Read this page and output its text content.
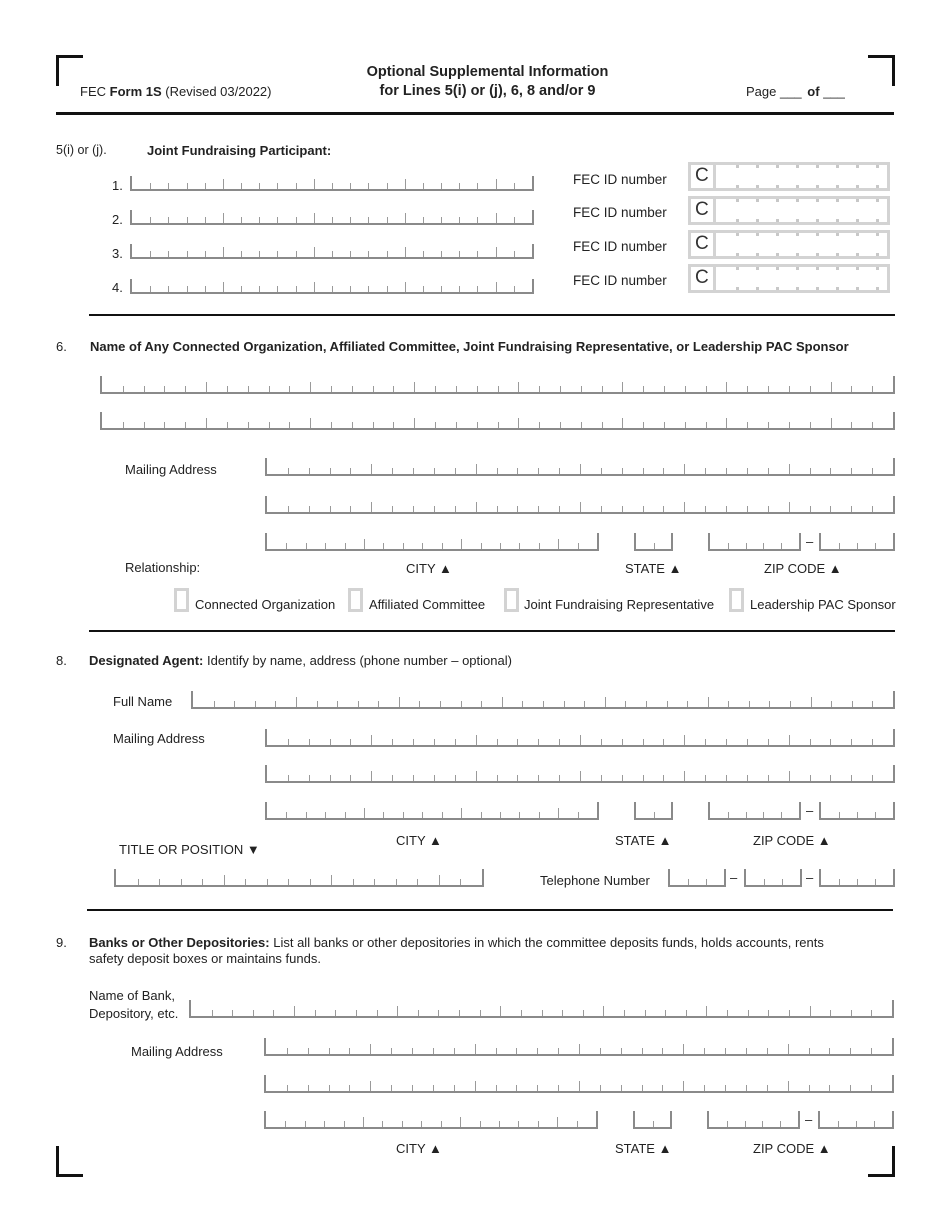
FEC Form 1S (Revised 03/2022)
Optional Supplemental Information
for Lines 5(i) or (j), 6, 8 and/or 9	Page ___ of ___
5(i) or (j).	Joint Fundraising Participant:
1.	FEC ID number C
2.	FEC ID number C
3.	FEC ID number C
4.	FEC ID number C
6. Name of Any Connected Organization, Affiliated Committee, Joint Fundraising Representative, or Leadership PAC Sponsor
Mailing Address
–
Relationship:	CITY ▲	STATE ▲	ZIP CODE ▲
Connected Organization	Affiliated Committee	Joint Fundraising Representative	Leadership PAC Sponsor
8. Designated Agent: Identify by name, address (phone number – optional)
Full Name
Mailing Address
–
CITY ▲	STATE ▲	ZIP CODE ▲
TITLE OR POSITION ▼
Telephone Number	–	–
9. Banks or Other Depositories: List all banks or other depositories in which the committee deposits funds, holds accounts, rents
safety deposit boxes or maintains funds.
Name of Bank,
Depository, etc.
Mailing Address
–
CITY ▲	STATE ▲	ZIP CODE ▲
